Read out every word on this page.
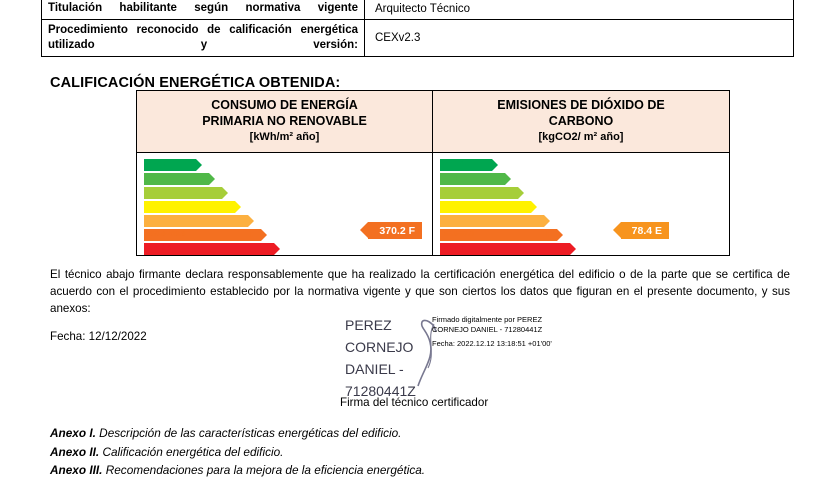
Titulación habilitante según normativa vigente	Arquitecto Técnico
Procedimiento reconocido de calificación energética utilizado y versión:	CEXv2.3
CALIFICACIÓN ENERGÉTICA OBTENIDA:
CONSUMO DE ENERGÍA
PRIMARIA NO RENOVABLE
[kWh/m² año]
EMISIONES DE DIÓXIDO DE
CARBONO
[kgCO2/ m² año]
< 46.9 A
46.9-72.1 B
72.1-107.5	C
107.5-160	D
160.1-250.6	E
250.6-419.8	F
≥ 419.8	G
370.2 F
< 10.4 A
10.4-16.1 B
16.1-24.0	C
24.0-35.7	D
35.7-62.0	E
62.0-97.0	F
≥ 97.0	G
78.4 E
El técnico abajo firmante declara responsablemente que ha realizado la certificación energética del edificio o de la parte que se certifica de acuerdo con el procedimiento establecido por la normativa vigente y que son ciertos los datos que figuran en el presente documento, y sus anexos:
Fecha: 12/12/2022
PEREZ CORNEJO DANIEL - 71280441Z
Firmado digitalmente por PEREZ CORNEJO DANIEL - 71280441Z
Fecha: 2022.12.12 13:18:51 +01'00'
Firma del técnico certificador
Anexo I. Descripción de las características energéticas del edificio.
Anexo II. Calificación energética del edificio.
Anexo III. Recomendaciones para la mejora de la eficiencia energética.
